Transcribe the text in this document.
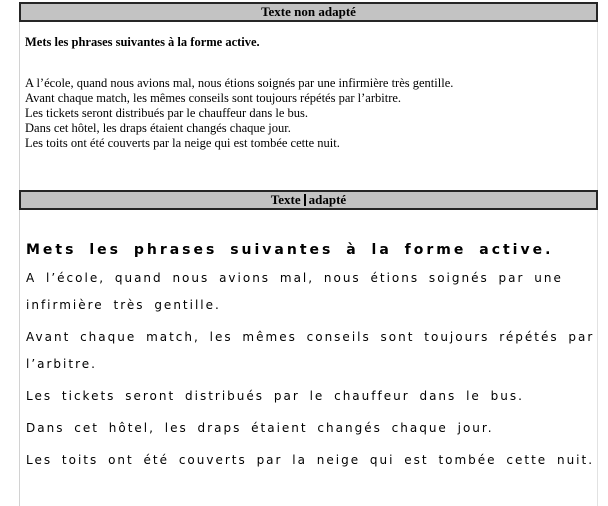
Texte non adapté

Mets les phrases suivantes à la forme active.

A l’école, quand nous avions mal, nous étions soignés par une infirmière très gentille.
Avant chaque match, les mêmes conseils sont toujours répétés par l’arbitre.
Les tickets seront distribués par le chauffeur dans le bus.
Dans cet hôtel, les draps étaient changés chaque jour.
Les toits ont été couverts par la neige qui est tombée cette nuit.
Texte adapté
Mets les phrases suivantes à la forme active.
A l’école, quand nous avions mal, nous étions soignés par une
infirmière très gentille.
Avant chaque match, les mêmes conseils sont toujours répétés par
l’arbitre.
Les tickets seront distribués par le chauffeur dans le bus.
Dans cet hôtel, les draps étaient changés chaque jour.
Les toits ont été couverts par la neige qui est tombée cette nuit.
